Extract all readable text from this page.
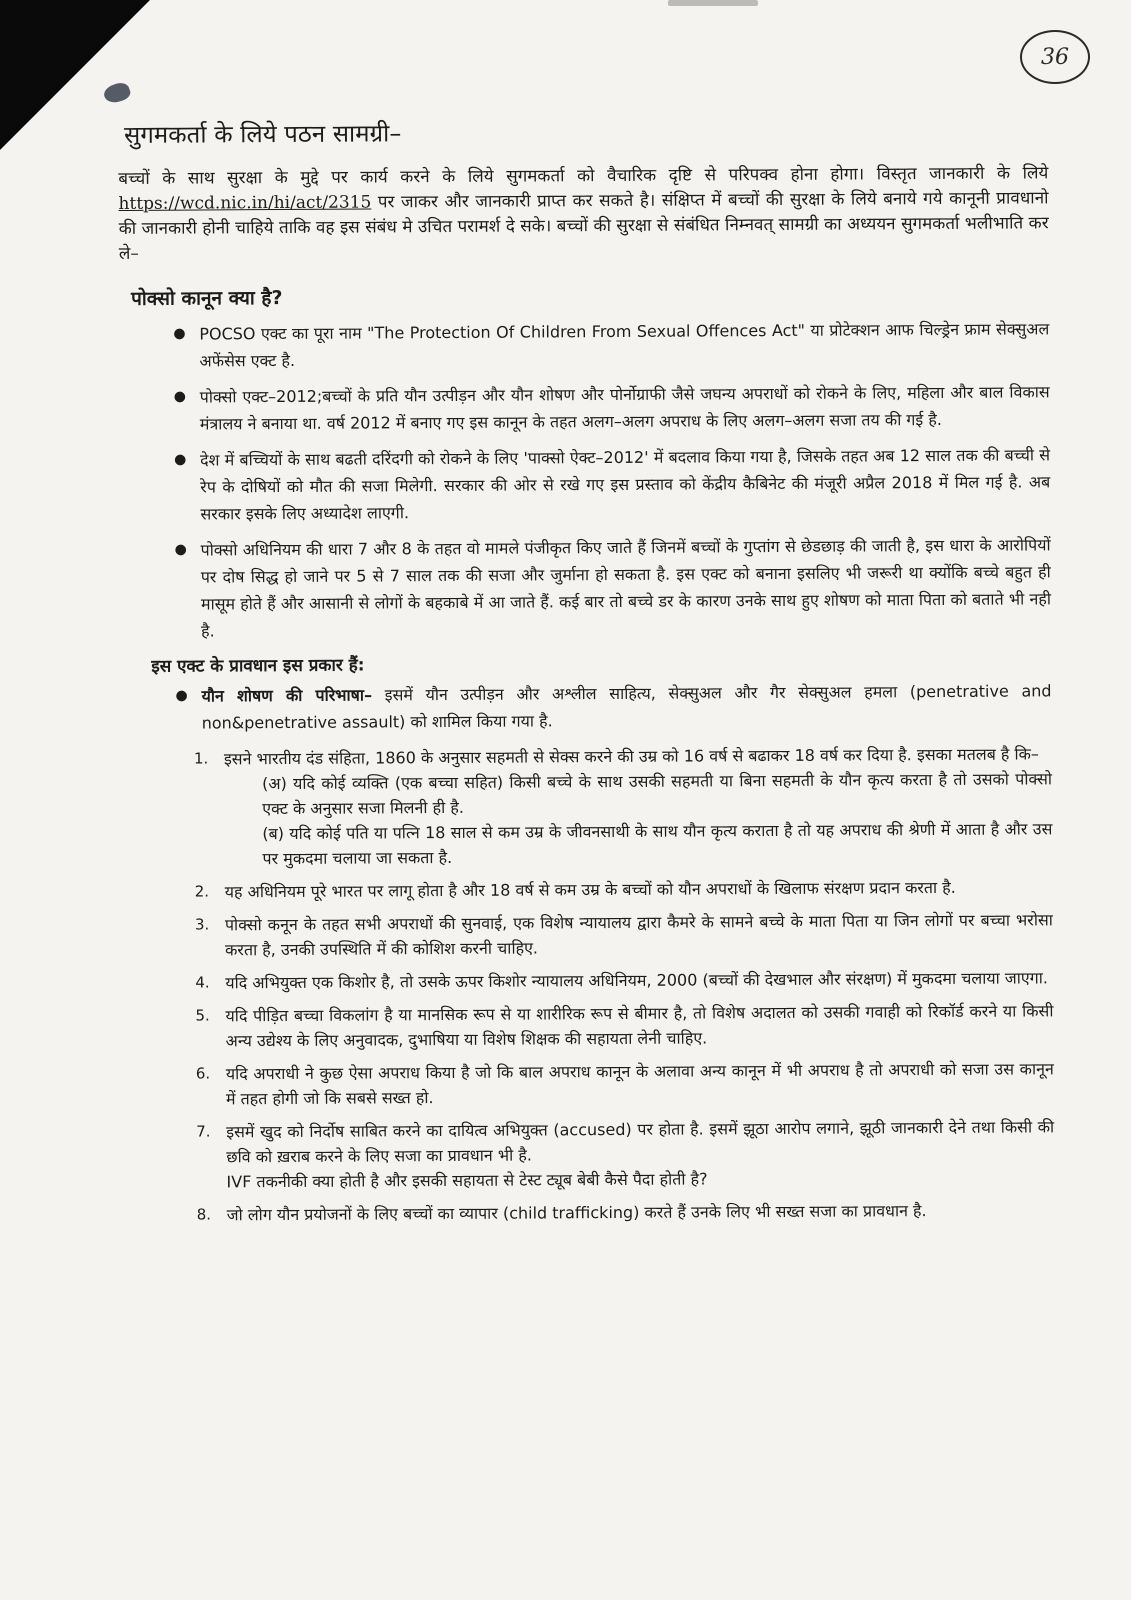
36
सुगमकर्ता के लिये पठन सामग्री–

बच्चों के साथ सुरक्षा के मुद्दे पर कार्य करने के लिये सुगमकर्ता को वैचारिक दृष्टि से परिपक्व होना होगा। विस्तृत जानकारी के लिये https://wcd.nic.in/hi/act/2315 पर जाकर और जानकारी प्राप्त कर सकते है। संक्षिप्त में बच्चों की सुरक्षा के लिये बनाये गये कानूनी प्रावधानो की जानकारी होनी चाहिये ताकि वह इस संबंध मे उचित परामर्श दे सके। बच्चों की सुरक्षा से संबंधित निम्नवत् सामग्री का अध्ययन सुगमकर्ता भलीभाति कर ले–

पोक्सो कानून क्या है?
● POCSO एक्ट का पूरा नाम "The Protection Of Children From Sexual Offences Act" या प्रोटेक्शन आफ चिल्ड्रेन फ्राम सेक्सुअल अफेंसेस एक्ट है.
● पोक्सो एक्ट–2012;बच्चों के प्रति यौन उत्पीड़न और यौन शोषण और पोर्नोग्राफी जैसे जघन्य अपराधों को रोकने के लिए, महिला और बाल विकास मंत्रालय ने बनाया था. वर्ष 2012 में बनाए गए इस कानून के तहत अलग–अलग अपराध के लिए अलग–अलग सजा तय की गई है.
● देश में बच्चियों के साथ बढती दरिंदगी को रोकने के लिए 'पाक्सो ऐक्ट–2012' में बदलाव किया गया है, जिसके तहत अब 12 साल तक की बच्ची से रेप के दोषियों को मौत की सजा मिलेगी. सरकार की ओर से रखे गए इस प्रस्ताव को केंद्रीय कैबिनेट की मंजूरी अप्रैल 2018 में मिल गई है. अब सरकार इसके लिए अध्यादेश लाएगी.
● पोक्सो अधिनियम की धारा 7 और 8 के तहत वो मामले पंजीकृत किए जाते हैं जिनमें बच्चों के गुप्तांग से छेडछाड़ की जाती है, इस धारा के आरोपियों पर दोष सिद्ध हो जाने पर 5 से 7 साल तक की सजा और जुर्माना हो सकता है. इस एक्ट को बनाना इसलिए भी जरूरी था क्योंकि बच्चे बहुत ही मासूम होते हैं और आसानी से लोगों के बहकाबे में आ जाते हैं. कई बार तो बच्चे डर के कारण उनके साथ हुए शोषण को माता पिता को बताते भी नही है.
इस एक्ट के प्रावधान इस प्रकार हैं:
● यौन शोषण की परिभाषा– इसमें यौन उत्पीड़न और अश्लील साहित्य, सेक्सुअल और गैर सेक्सुअल हमला (penetrative and non&penetrative assault) को शामिल किया गया है.
1. इसने भारतीय दंड संहिता, 1860 के अनुसार सहमती से सेक्स करने की उम्र को 16 वर्ष से बढाकर 18 वर्ष कर दिया है. इसका मतलब है कि–
(अ) यदि कोई व्यक्ति (एक बच्चा सहित) किसी बच्चे के साथ उसकी सहमती या बिना सहमती के यौन कृत्य करता है तो उसको पोक्सो एक्ट के अनुसार सजा मिलनी ही है.
(ब) यदि कोई पति या पत्नि 18 साल से कम उम्र के जीवनसाथी के साथ यौन कृत्य कराता है तो यह अपराध की श्रेणी में आता है और उस पर मुकदमा चलाया जा सकता है.
2. यह अधिनियम पूरे भारत पर लागू होता है और 18 वर्ष से कम उम्र के बच्चों को यौन अपराधों के खिलाफ संरक्षण प्रदान करता है.
3. पोक्सो कनून के तहत सभी अपराधों की सुनवाई, एक विशेष न्यायालय द्वारा कैमरे के सामने बच्चे के माता पिता या जिन लोगों पर बच्चा भरोसा करता है, उनकी उपस्थिति में की कोशिश करनी चाहिए.
4. यदि अभियुक्त एक किशोर है, तो उसके ऊपर किशोर न्यायालय अधिनियम, 2000 (बच्चों की देखभाल और संरक्षण) में मुकदमा चलाया जाएगा.
5. यदि पीड़ित बच्चा विकलांग है या मानसिक रूप से या शारीरिक रूप से बीमार है, तो विशेष अदालत को उसकी गवाही को रिकॉर्ड करने या किसी अन्य उद्येश्य के लिए अनुवादक, दुभाषिया या विशेष शिक्षक की सहायता लेनी चाहिए.
6. यदि अपराधी ने कुछ ऐसा अपराध किया है जो कि बाल अपराध कानून के अलावा अन्य कानून में भी अपराध है तो अपराधी को सजा उस कानून में तहत होगी जो कि सबसे सख्त हो.
7. इसमें खुद को निर्दोष साबित करने का दायित्व अभियुक्त (accused) पर होता है. इसमें झूठा आरोप लगाने, झूठी जानकारी देने तथा किसी की छवि को ख़राब करने के लिए सजा का प्रावधान भी है.
IVF तकनीकी क्या होती है और इसकी सहायता से टेस्ट ट्यूब बेबी कैसे पैदा होती है?
8. जो लोग यौन प्रयोजनों के लिए बच्चों का व्यापार (child trafficking) करते हैं उनके लिए भी सख्त सजा का प्रावधान है.
